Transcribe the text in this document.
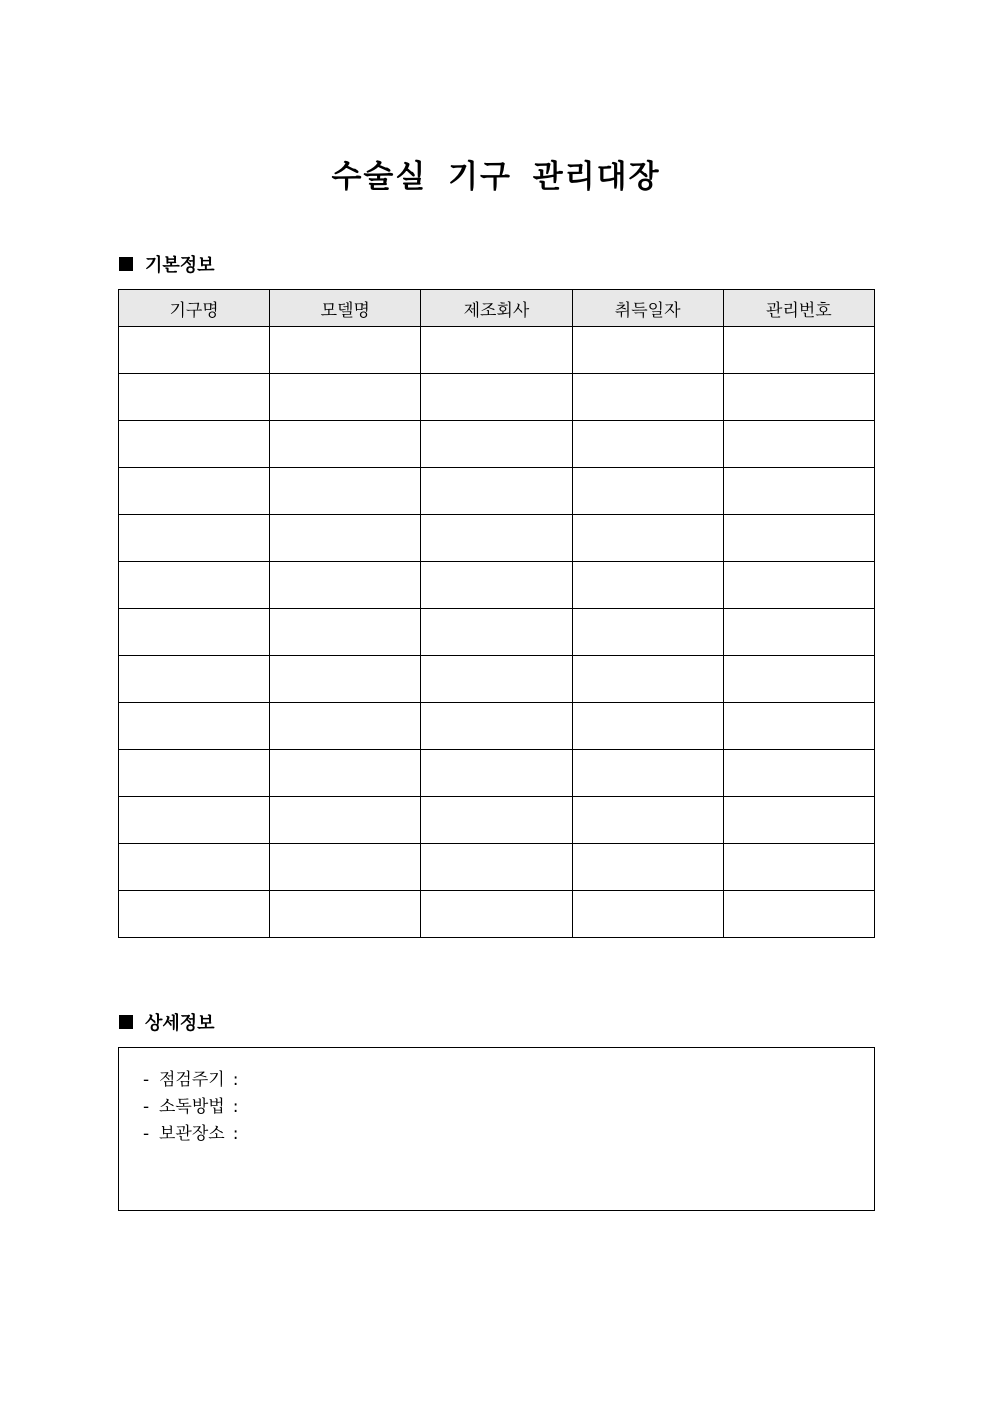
수술실 기구 관리대장
기본정보
기구명	모델명	제조회사	취득일자	관리번호

상세정보
- 점검주기 :
- 소독방법 :
- 보관장소 :
